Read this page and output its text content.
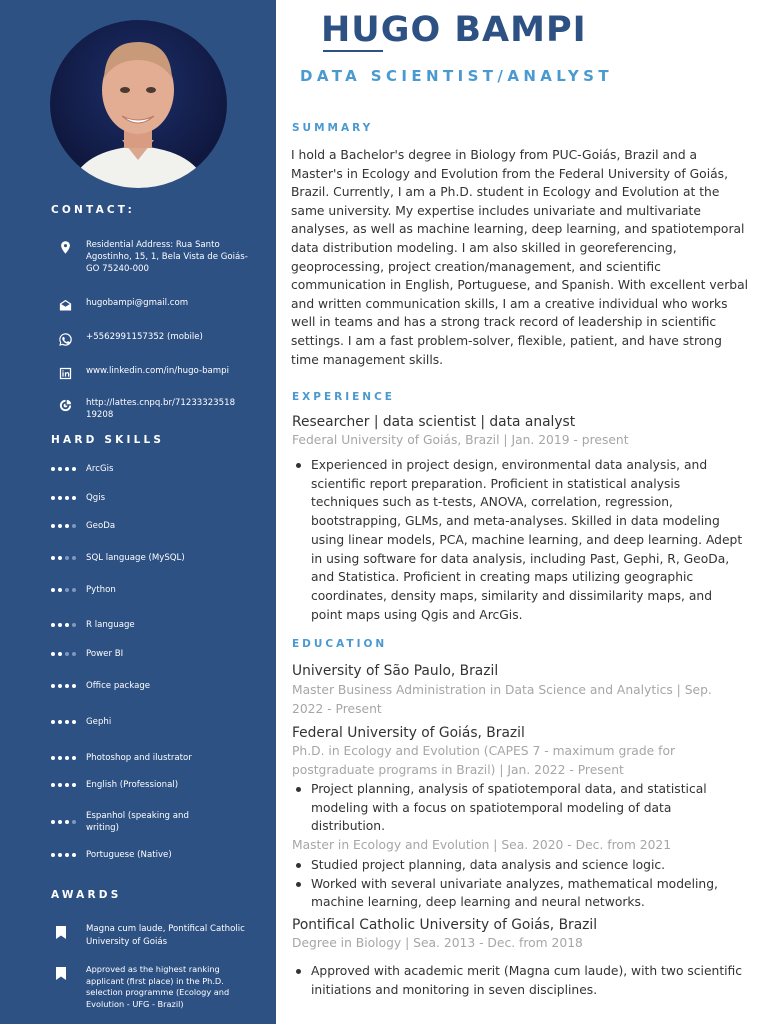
CONTACT:
Residential Address: Rua Santo Agostinho, 15, 1, Bela Vista de Goiás-GO 75240-000
hugobampi@gmail.com
+5562991157352 (mobile)
www.linkedin.com/in/hugo-bampi
http://lattes.cnpq.br/7123332351819208
HARD SKILLS
ArcGis
Qgis
GeoDa
SQL language (MySQL)
Python
R language
Power BI
Office package
Gephi
Photoshop and ilustrator
English (Professional)
Espanhol (speaking and writing)
Portuguese (Native)
AWARDS
Magna cum laude, Pontifical Catholic University of Goiás
Approved as the highest ranking applicant (first place) in the Ph.D. selection programme (Ecology and Evolution - UFG - Brazil)
HUGO BAMPI
DATA SCIENTIST/ANALYST
SUMMARY
I hold a Bachelor's degree in Biology from PUC-Goiás, Brazil and a Master's in Ecology and Evolution from the Federal University of Goiás, Brazil. Currently, I am a Ph.D. student in Ecology and Evolution at the same university. My expertise includes univariate and multivariate analyses, as well as machine learning, deep learning, and spatiotemporal data distribution modeling. I am also skilled in georeferencing, geoprocessing, project creation/management, and scientific communication in English, Portuguese, and Spanish. With excellent verbal and written communication skills, I am a creative individual who works well in teams and has a strong track record of leadership in scientific settings. I am a fast problem-solver, flexible, patient, and have strong time management skills.
EXPERIENCE
Researcher | data scientist | data analyst
Federal University of Goiás, Brazil | Jan. 2019 - present
Experienced in project design, environmental data analysis, and scientific report preparation. Proficient in statistical analysis techniques such as t-tests, ANOVA, correlation, regression, bootstrapping, GLMs, and meta-analyses. Skilled in data modeling using linear models, PCA, machine learning, and deep learning. Adept in using software for data analysis, including Past, Gephi, R, GeoDa, and Statistica. Proficient in creating maps utilizing geographic coordinates, density maps, similarity and dissimilarity maps, and point maps using Qgis and ArcGis.
EDUCATION
University of São Paulo, Brazil
Master Business Administration in Data Science and Analytics | Sep. 2022 - Present
Federal University of Goiás, Brazil
Ph.D. in Ecology and Evolution (CAPES 7 - maximum grade for postgraduate programs in Brazil) | Jan. 2022 - Present
Project planning, analysis of spatiotemporal data, and statistical modeling with a focus on spatiotemporal modeling of data distribution.
Master in Ecology and Evolution | Sea. 2020 - Dec. from 2021
Studied project planning, data analysis and science logic.
Worked with several univariate analyzes, mathematical modeling, machine learning, deep learning and neural networks.
Pontifical Catholic University of Goiás, Brazil
Degree in Biology | Sea. 2013 - Dec. from 2018
Approved with academic merit (Magna cum laude), with two scientific initiations and monitoring in seven disciplines.
